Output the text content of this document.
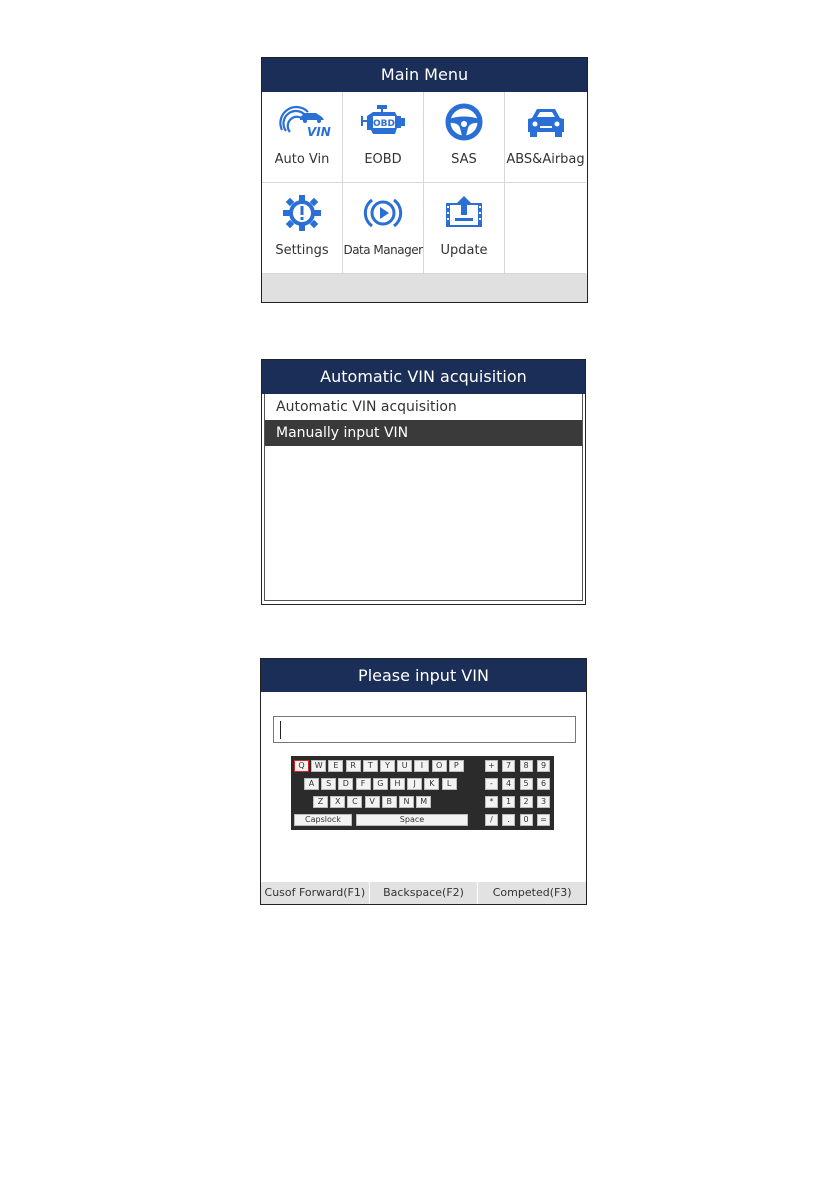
Main Menu
VIN
Auto Vin
OBD
EOBD	SAS	ABS&Airbag
Settings	Data Manager	Update
Automatic VIN acquisition
Automatic VIN acquisition
Manually input VIN
Please input VIN
Q	W	E	R	T	Y	U	I	O	P
A	S	D	F	G	H	J	K	L
Z	X	C	V	B	N	M
Capslock	Space
+	7	8	9
-	4	5	6
*	1	2	3
/	.	0	=
Cusof Forward(F1)	Backspace(F2)	Competed(F3)
